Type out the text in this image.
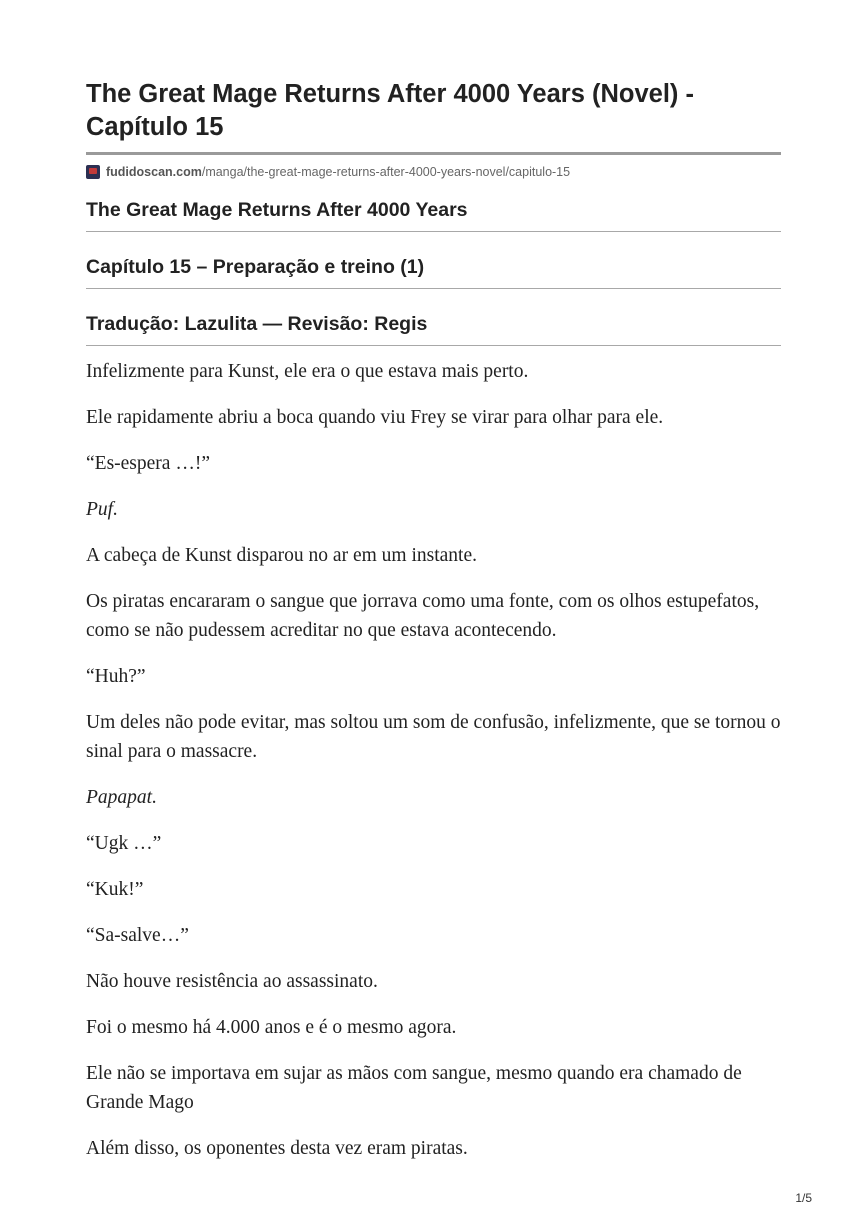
The Great Mage Returns After 4000 Years (Novel) - Capítulo 15
fudidoscan.com/manga/the-great-mage-returns-after-4000-years-novel/capitulo-15
The Great Mage Returns After 4000 Years
Capítulo 15 – Preparação e treino (1)
Tradução: Lazulita — Revisão: Regis

Infelizmente para Kunst, ele era o que estava mais perto.

Ele rapidamente abriu a boca quando viu Frey se virar para olhar para ele.

“Es-espera …!”

Puf.

A cabeça de Kunst disparou no ar em um instante.

Os piratas encararam o sangue que jorrava como uma fonte, com os olhos estupefatos, como se não pudessem acreditar no que estava acontecendo.

“Huh?”

Um deles não pode evitar, mas soltou um som de confusão, infelizmente, que se tornou o sinal para o massacre.

Papapat.

“Ugk …”

“Kuk!”

“Sa-salve…”

Não houve resistência ao assassinato.

Foi o mesmo há 4.000 anos e é o mesmo agora.

Ele não se importava em sujar as mãos com sangue, mesmo quando era chamado de Grande Mago

Além disso, os oponentes desta vez eram piratas.

1/5
